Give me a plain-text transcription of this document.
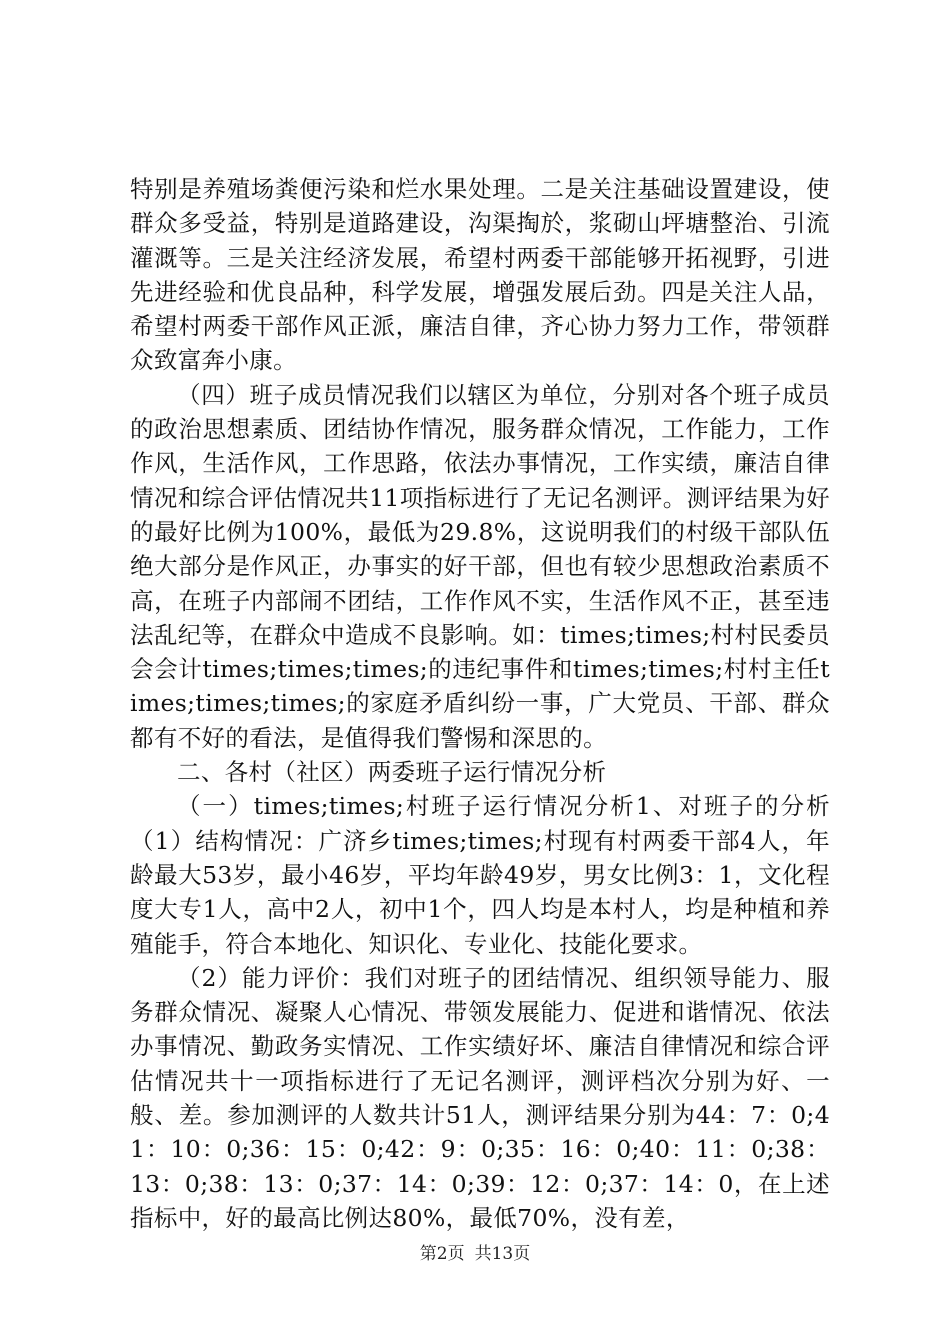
特别是养殖场粪便污染和烂水果处理。二是关注基础设置建设，使群众多受益，特别是道路建设，沟渠掏於，浆砌山坪塘整治、引流灌溉等。三是关注经济发展，希望村两委干部能够开拓视野，引进先进经验和优良品种，科学发展，增强发展后劲。四是关注人品，希望村两委干部作风正派，廉洁自律，齐心协力努力工作，带领群众致富奔小康。

（四）班子成员情况我们以辖区为单位，分别对各个班子成员的政治思想素质、团结协作情况，服务群众情况，工作能力，工作作风，生活作风，工作思路，依法办事情况，工作实绩，廉洁自律情况和综合评估情况共11项指标进行了无记名测评。测评结果为好的最好比例为100%，最低为29.8%，这说明我们的村级干部队伍绝大部分是作风正，办事实的好干部，但也有较少思想政治素质不高，在班子内部闹不团结，工作作风不实，生活作风不正，甚至违法乱纪等，在群众中造成不良影响。如：times;times;村村民委员会会计times;times;times;的违纪事件和times;times;村村主任times;times;times;的家庭矛盾纠纷一事，广大党员、干部、群众都有不好的看法，是值得我们警惕和深思的。

二、各村（社区）两委班子运行情况分析

（一）times;times;村班子运行情况分析1、对班子的分析（1）结构情况：广济乡times;times;村现有村两委干部4人，年龄最大53岁，最小46岁，平均年龄49岁，男女比例3：1，文化程度大专1人，高中2人，初中1个，四人均是本村人，均是种植和养殖能手，符合本地化、知识化、专业化、技能化要求。

（2）能力评价：我们对班子的团结情况、组织领导能力、服务群众情况、凝聚人心情况、带领发展能力、促进和谐情况、依法办事情况、勤政务实情况、工作实绩好坏、廉洁自律情况和综合评估情况共十一项指标进行了无记名测评，测评档次分别为好、一般、差。参加测评的人数共计51人，测评结果分别为44：7：0;41：10：0;36：15：0;42：9：0;35：16：0;40：11：0;38：13：0;38：13：0;37：14：0;39：12：0;37：14：0，在上述指标中，好的最高比例达80%，最低70%，没有差，

第2页 共13页
